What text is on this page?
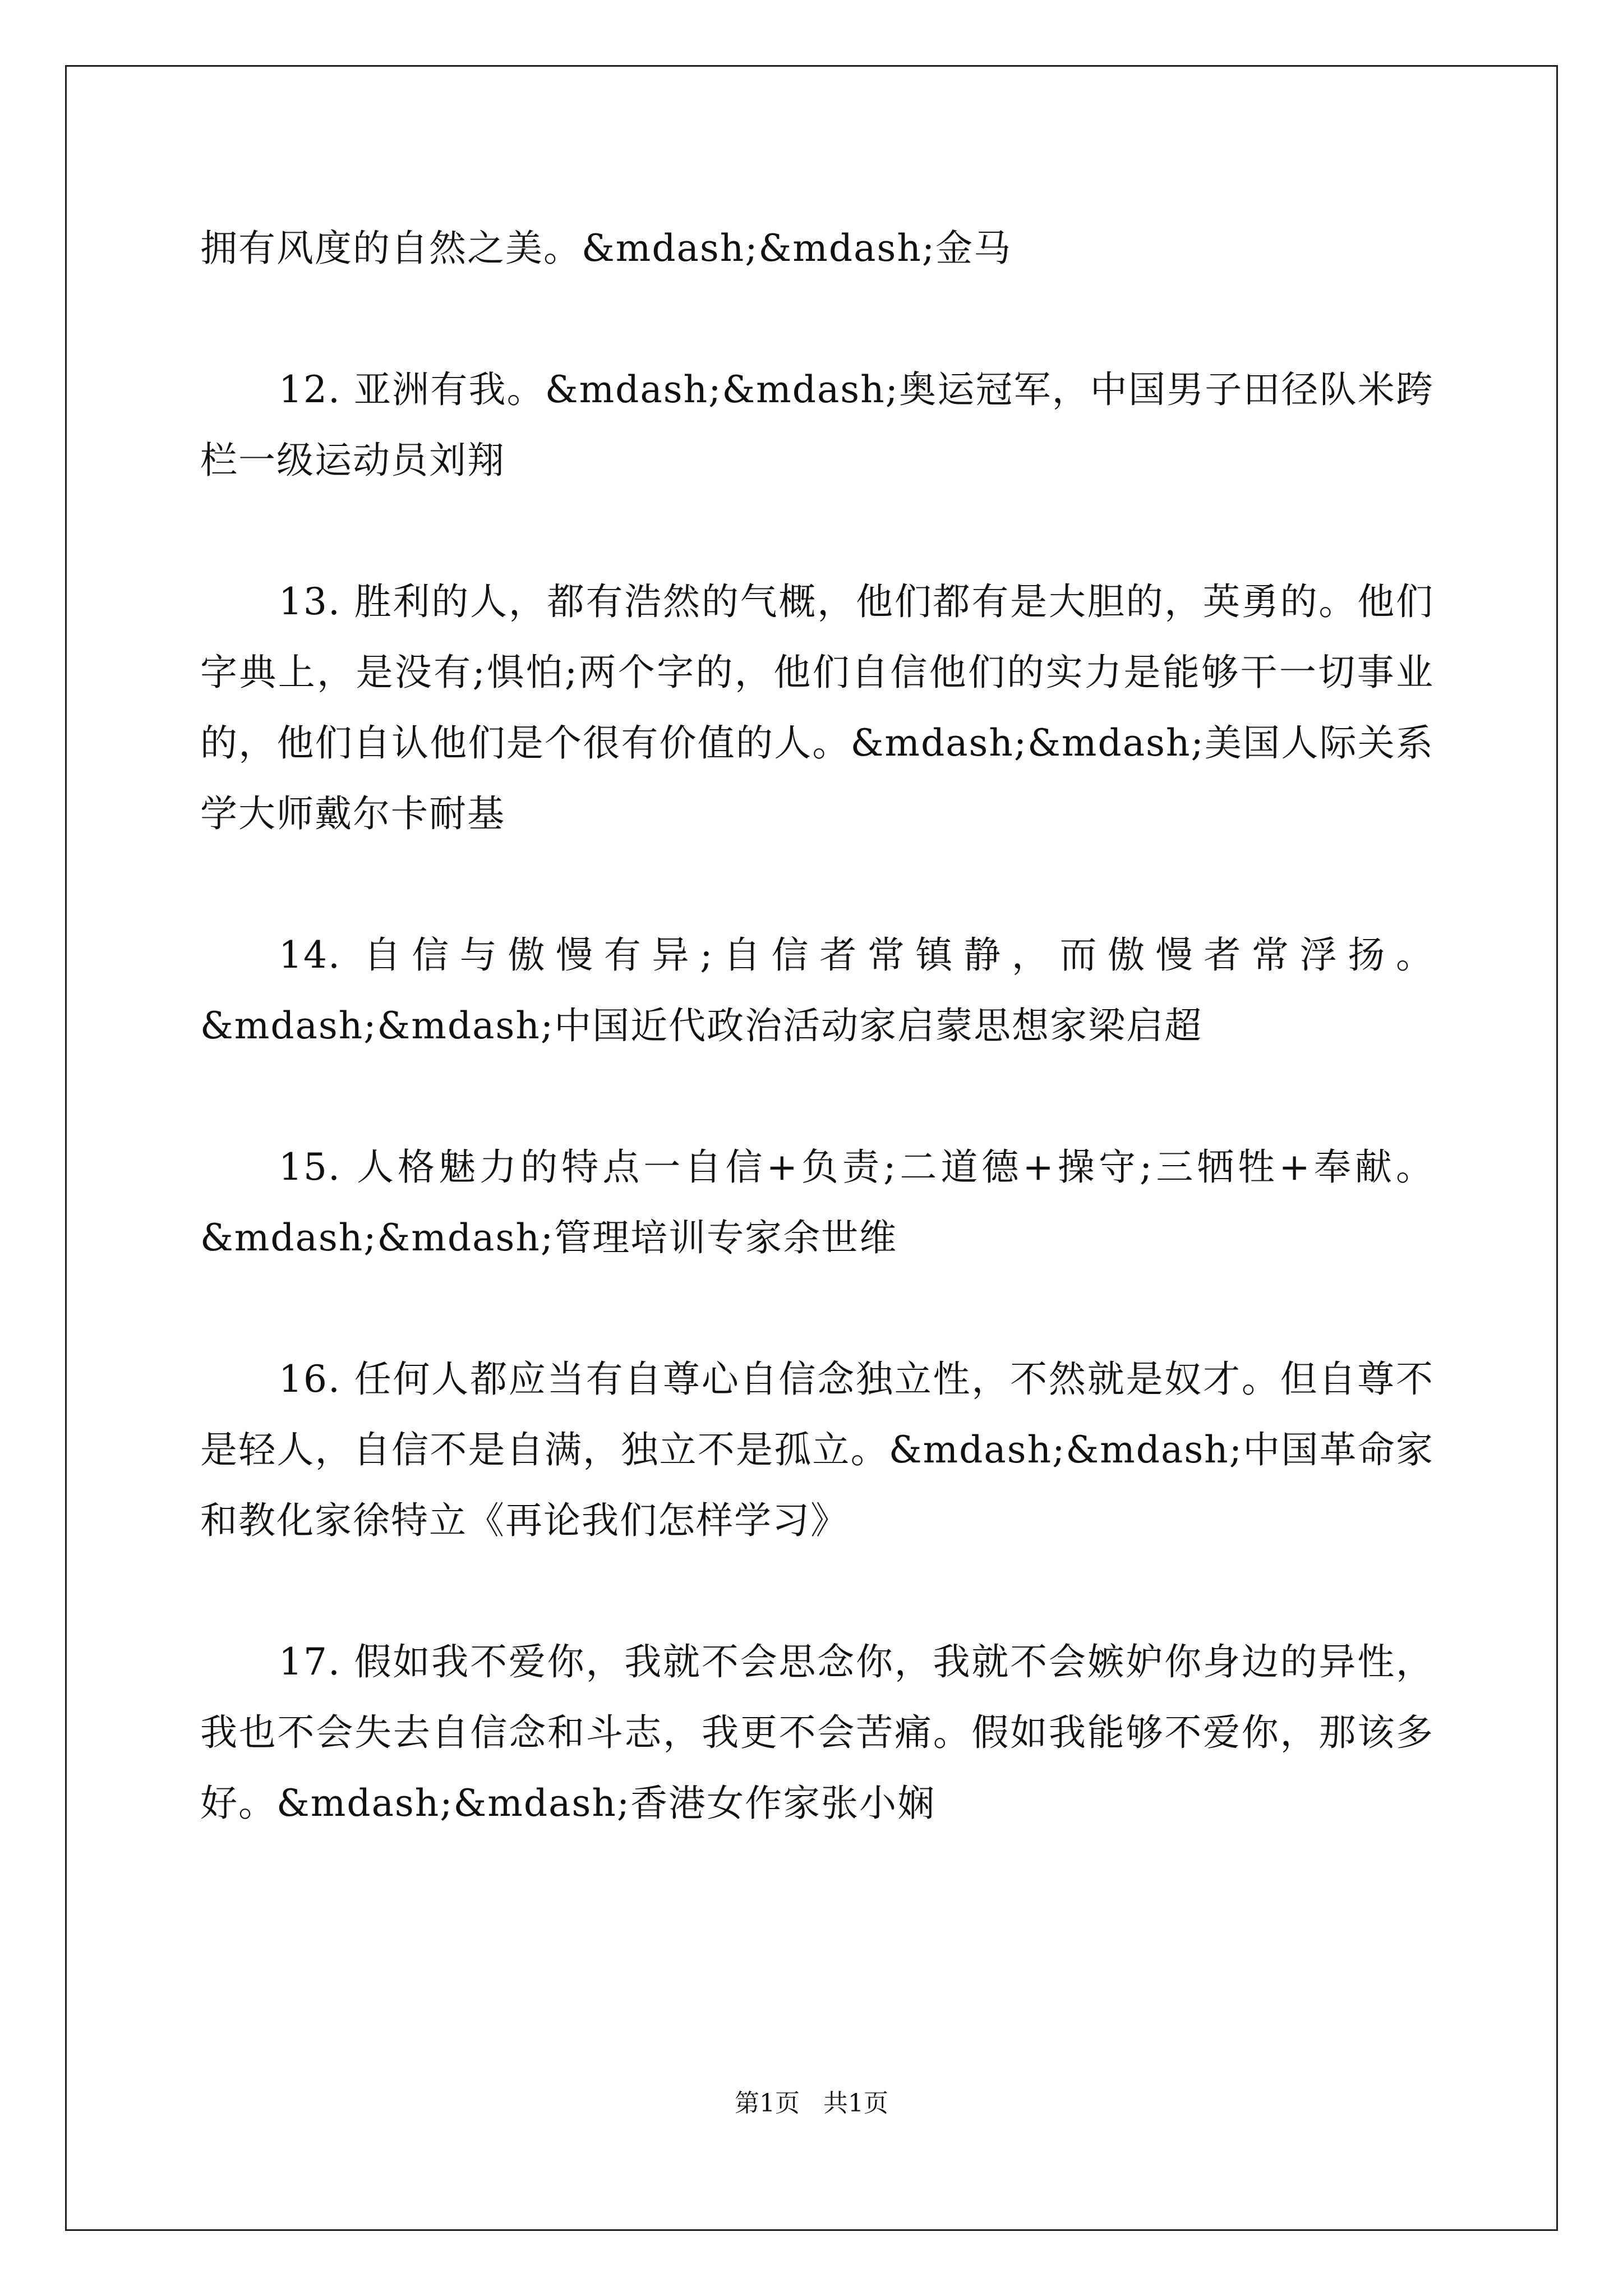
拥有风度的自然之美。&mdash;&mdash;金马

12. 亚洲有我。&mdash;&mdash;奥运冠军，中国男子田径队米跨栏一级运动员刘翔

13. 胜利的人，都有浩然的气概，他们都有是大胆的，英勇的。他们字典上，是没有;惧怕;两个字的，他们自信他们的实力是能够干一切事业的，他们自认他们是个很有价值的人。&mdash;&mdash;美国人际关系学大师戴尔卡耐基

14. 自信与傲慢有异;自信者常镇静，而傲慢者常浮扬。&mdash;&mdash;中国近代政治活动家启蒙思想家梁启超

15. 人格魅力的特点一自信+负责;二道德+操守;三牺牲+奉献。&mdash;&mdash;管理培训专家余世维

16. 任何人都应当有自尊心自信念独立性，不然就是奴才。但自尊不是轻人，自信不是自满，独立不是孤立。&mdash;&mdash;中国革命家和教化家徐特立《再论我们怎样学习》

17. 假如我不爱你，我就不会思念你，我就不会嫉妒你身边的异性，我也不会失去自信念和斗志，我更不会苦痛。假如我能够不爱你，那该多好。&mdash;&mdash;香港女作家张小娴

第1页 共1页
